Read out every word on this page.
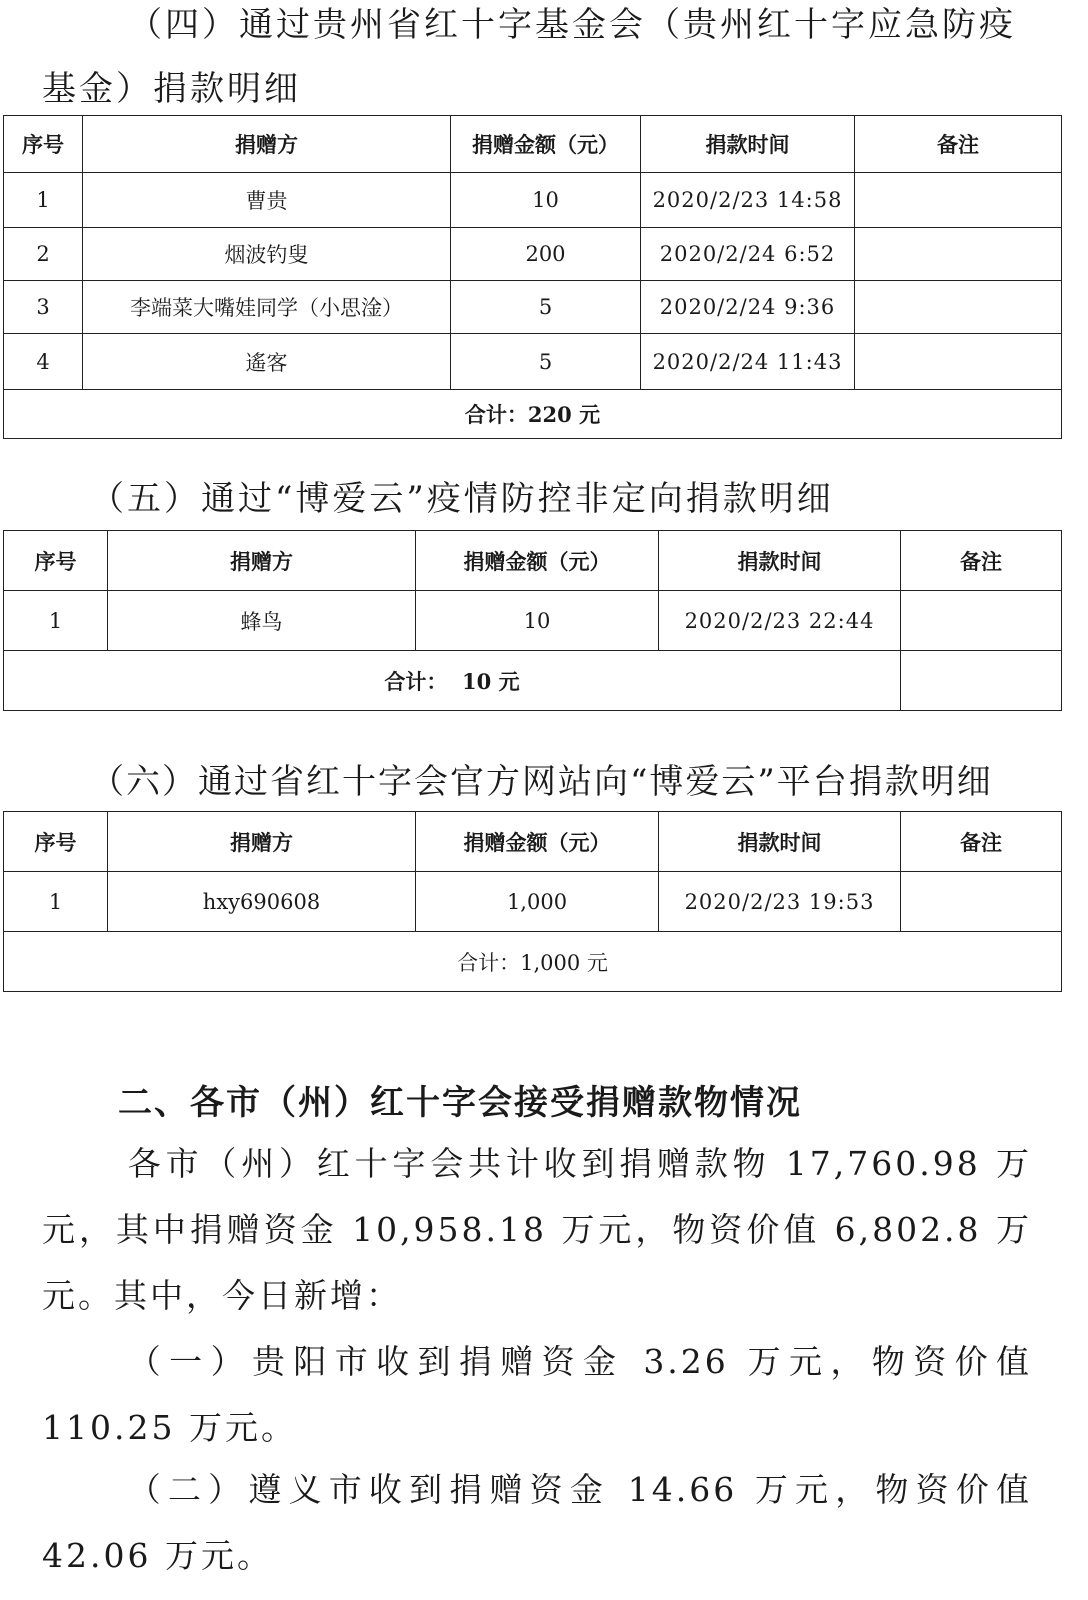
（四）通过贵州省红十字基金会（贵州红十字应急防疫

基金）捐款明细

序号	捐赠方	捐赠金额（元）	捐款时间	备注
1	曹贵	10	2020/2/23 14:58	
2	烟波钓叟	200	2020/2/24 6:52	
3	李端菜大嘴娃同学（小思淦）	5	2020/2/24 9:36	
4	遙客	5	2020/2/24 11:43	
合计：220 元				

（五）通过“博爱云”疫情防控非定向捐款明细

序号	捐赠方	捐赠金额（元）	捐款时间	备注
1	蜂鸟	10	2020/2/23 22:44	
合计：  10 元				

（六）通过省红十字会官方网站向“博爱云”平台捐款明细

序号	捐赠方	捐赠金额（元）	捐款时间	备注
1	hxy690608	1,000	2020/2/23 19:53	
合计：1,000 元				

二、各市（州）红十字会接受捐赠款物情况

各市（州）红十字会共计收到捐赠款物 17,760.98 万元，其中捐赠资金 10,958.18 万元，物资价值 6,802.8 万元。其中，今日新增：

（一）贵阳市收到捐赠资金 3.26 万元，物资价值 110.25 万元。

（二）遵义市收到捐赠资金 14.66 万元，物资价值 42.06 万元。
